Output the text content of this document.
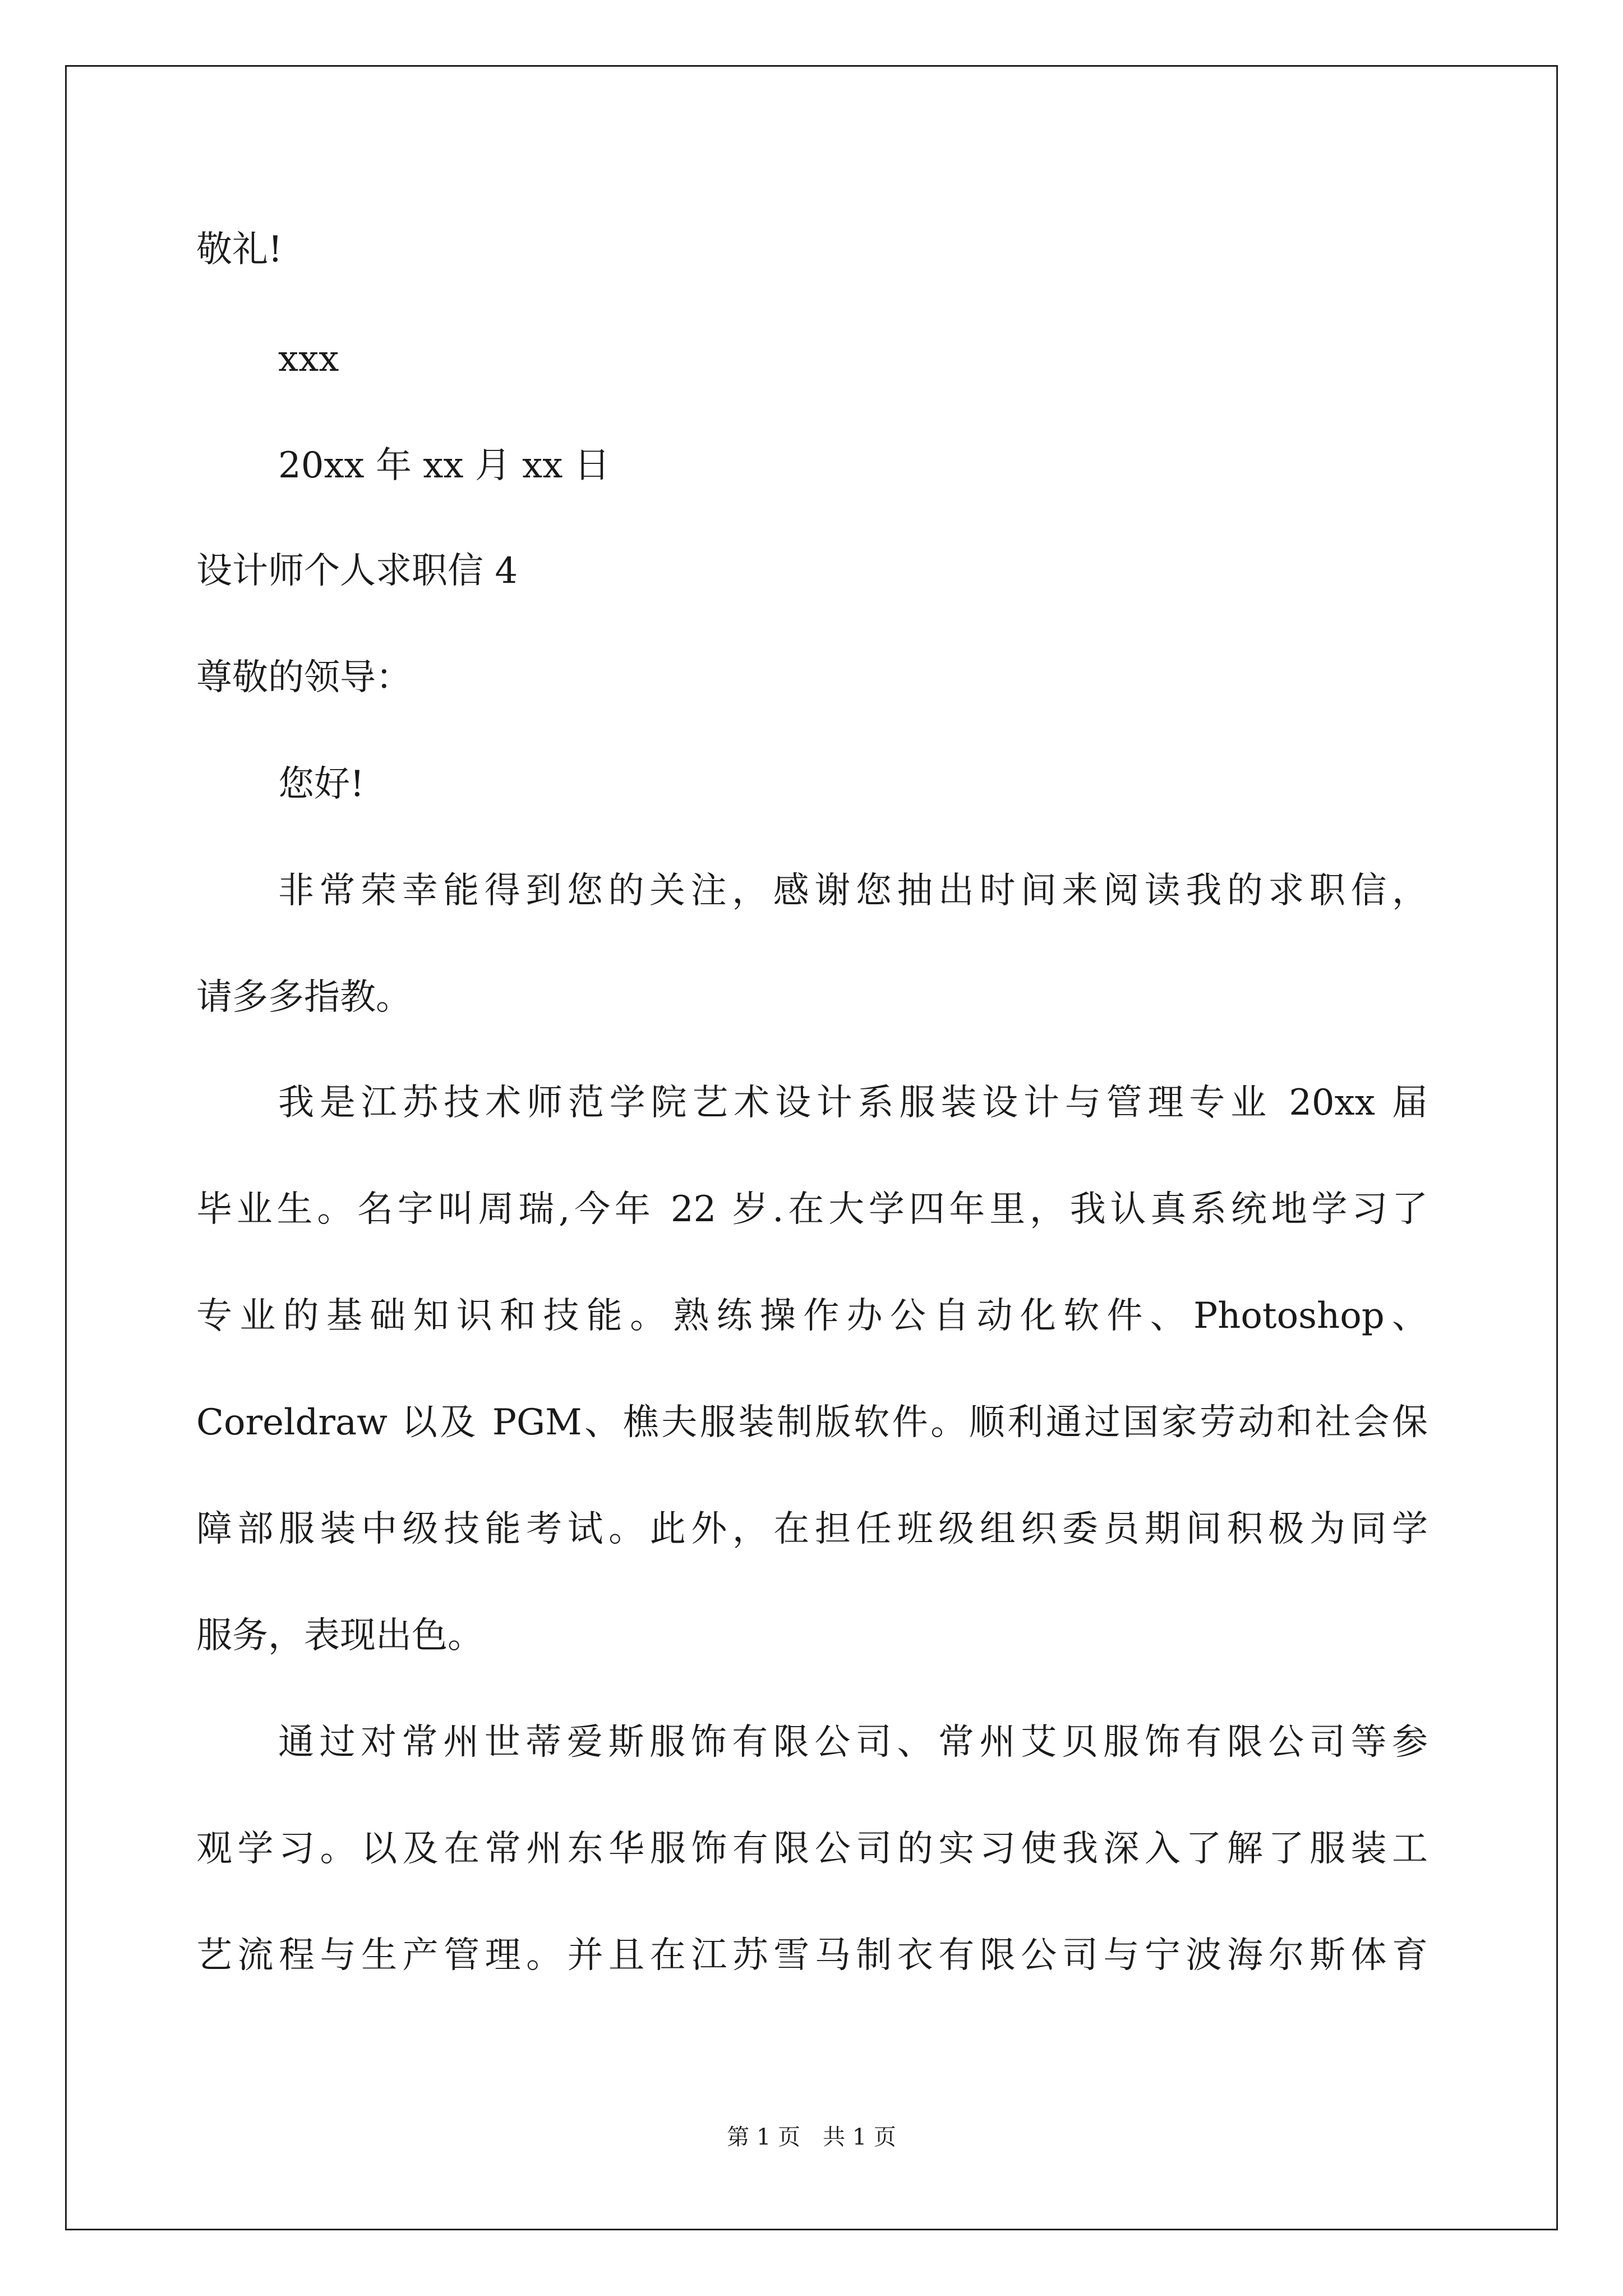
敬礼!
xxx
20xx 年 xx 月 xx 日
设计师个人求职信 4
尊敬的领导：
您好!
非常荣幸能得到您的关注，感谢您抽出时间来阅读我的求职信，
请多多指教。
我是江苏技术师范学院艺术设计系服装设计与管理专业 20xx 届
毕业生。名字叫周瑞,今年 22 岁.在大学四年里，我认真系统地学习了
专业的基础知识和技能。熟练操作办公自动化软件、Photoshop、
Coreldraw 以及 PGM、樵夫服装制版软件。顺利通过国家劳动和社会保
障部服装中级技能考试。此外，在担任班级组织委员期间积极为同学
服务，表现出色。
通过对常州世蒂爱斯服饰有限公司、常州艾贝服饰有限公司等参
观学习。以及在常州东华服饰有限公司的实习使我深入了解了服装工
艺流程与生产管理。并且在江苏雪马制衣有限公司与宁波海尔斯体育
第 1 页　共 1 页
